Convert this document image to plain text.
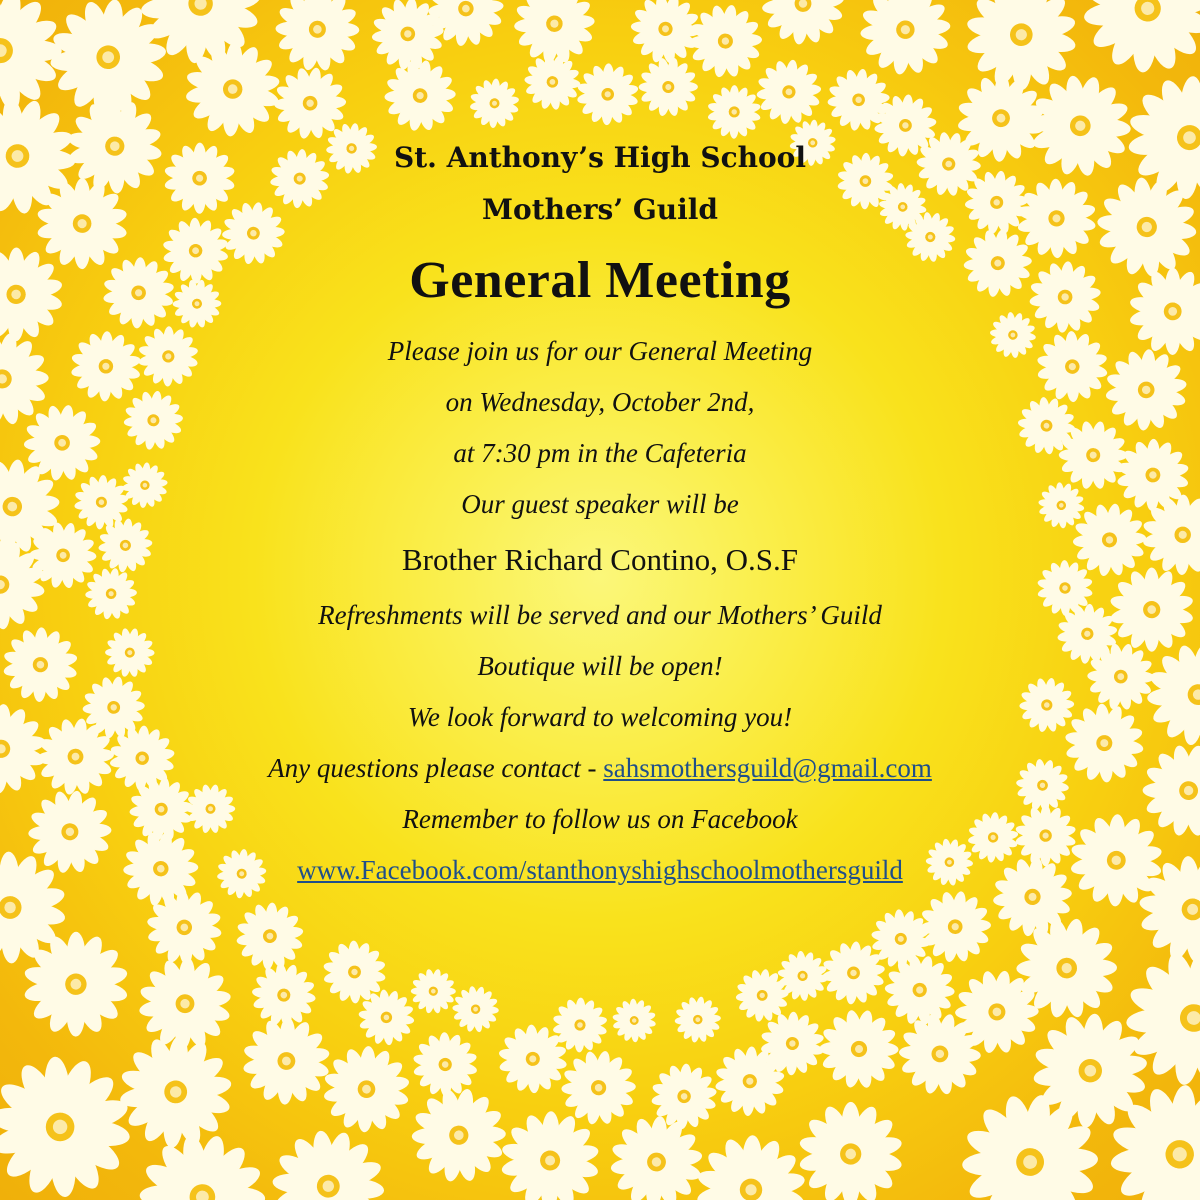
St. Anthony’s High School
Mothers’ Guild
General Meeting
Please join us for our General Meeting
on Wednesday, October 2nd,
at 7:30 pm in the Cafeteria
Our guest speaker will be
Brother Richard Contino, O.S.F
Refreshments will be served and our Mothers’ Guild
Boutique will be open!
We look forward to welcoming you!
Any questions please contact - sahsmothersguild@gmail.com
Remember to follow us on Facebook
www.Facebook.com/stanthonyshighschoolmothersguild
